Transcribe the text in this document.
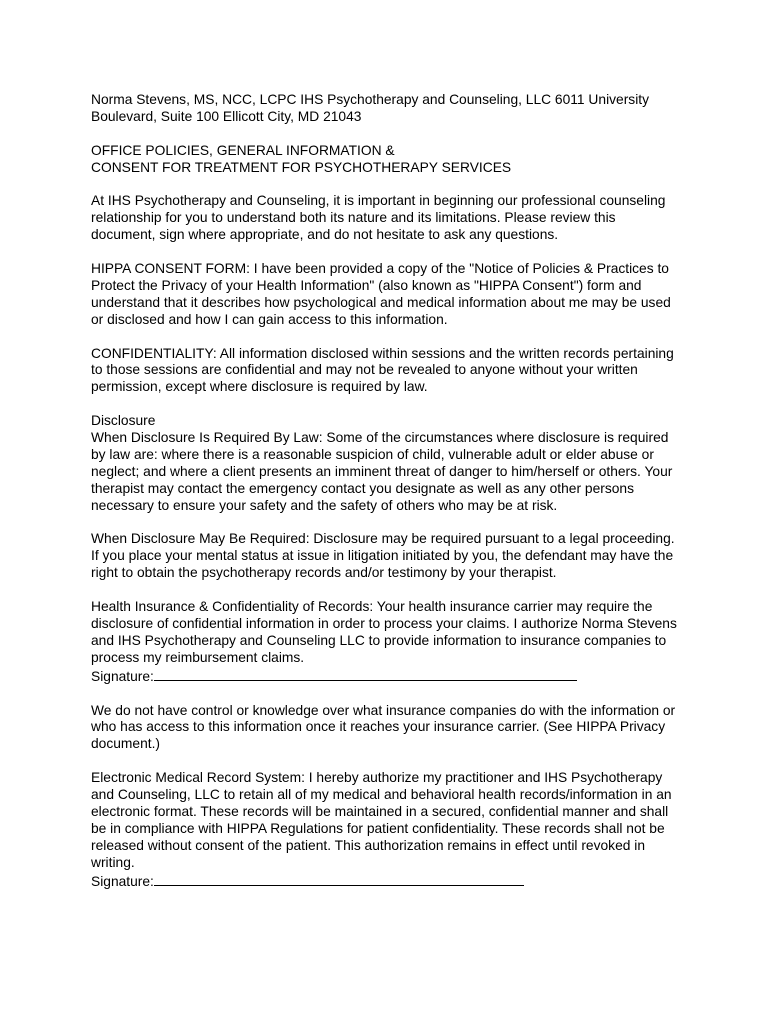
Norma Stevens, MS, NCC, LCPC IHS Psychotherapy and Counseling, LLC 6011 University
Boulevard, Suite 100 Ellicott City, MD 21043

OFFICE POLICIES, GENERAL INFORMATION &
CONSENT FOR TREATMENT FOR PSYCHOTHERAPY SERVICES

At IHS Psychotherapy and Counseling, it is important in beginning our professional counseling
relationship for you to understand both its nature and its limitations. Please review this
document, sign where appropriate, and do not hesitate to ask any questions.

HIPPA CONSENT FORM: I have been provided a copy of the "Notice of Policies & Practices to
Protect the Privacy of your Health Information" (also known as "HIPPA Consent") form and
understand that it describes how psychological and medical information about me may be used
or disclosed and how I can gain access to this information.

CONFIDENTIALITY: All information disclosed within sessions and the written records pertaining
to those sessions are confidential and may not be revealed to anyone without your written
permission, except where disclosure is required by law.

Disclosure
When Disclosure Is Required By Law: Some of the circumstances where disclosure is required
by law are: where there is a reasonable suspicion of child, vulnerable adult or elder abuse or
neglect; and where a client presents an imminent threat of danger to him/herself or others. Your
therapist may contact the emergency contact you designate as well as any other persons
necessary to ensure your safety and the safety of others who may be at risk.

When Disclosure May Be Required: Disclosure may be required pursuant to a legal proceeding.
If you place your mental status at issue in litigation initiated by you, the defendant may have the
right to obtain the psychotherapy records and/or testimony by your therapist.

Health Insurance & Confidentiality of Records: Your health insurance carrier may require the
disclosure of confidential information in order to process your claims. I authorize Norma Stevens
and IHS Psychotherapy and Counseling LLC to provide information to insurance companies to
process my reimbursement claims.
Signature:

We do not have control or knowledge over what insurance companies do with the information or
who has access to this information once it reaches your insurance carrier. (See HIPPA Privacy
document.)

Electronic Medical Record System: I hereby authorize my practitioner and IHS Psychotherapy
and Counseling, LLC to retain all of my medical and behavioral health records/information in an
electronic format. These records will be maintained in a secured, confidential manner and shall
be in compliance with HIPPA Regulations for patient confidentiality. These records shall not be
released without consent of the patient. This authorization remains in effect until revoked in
writing.
Signature:
